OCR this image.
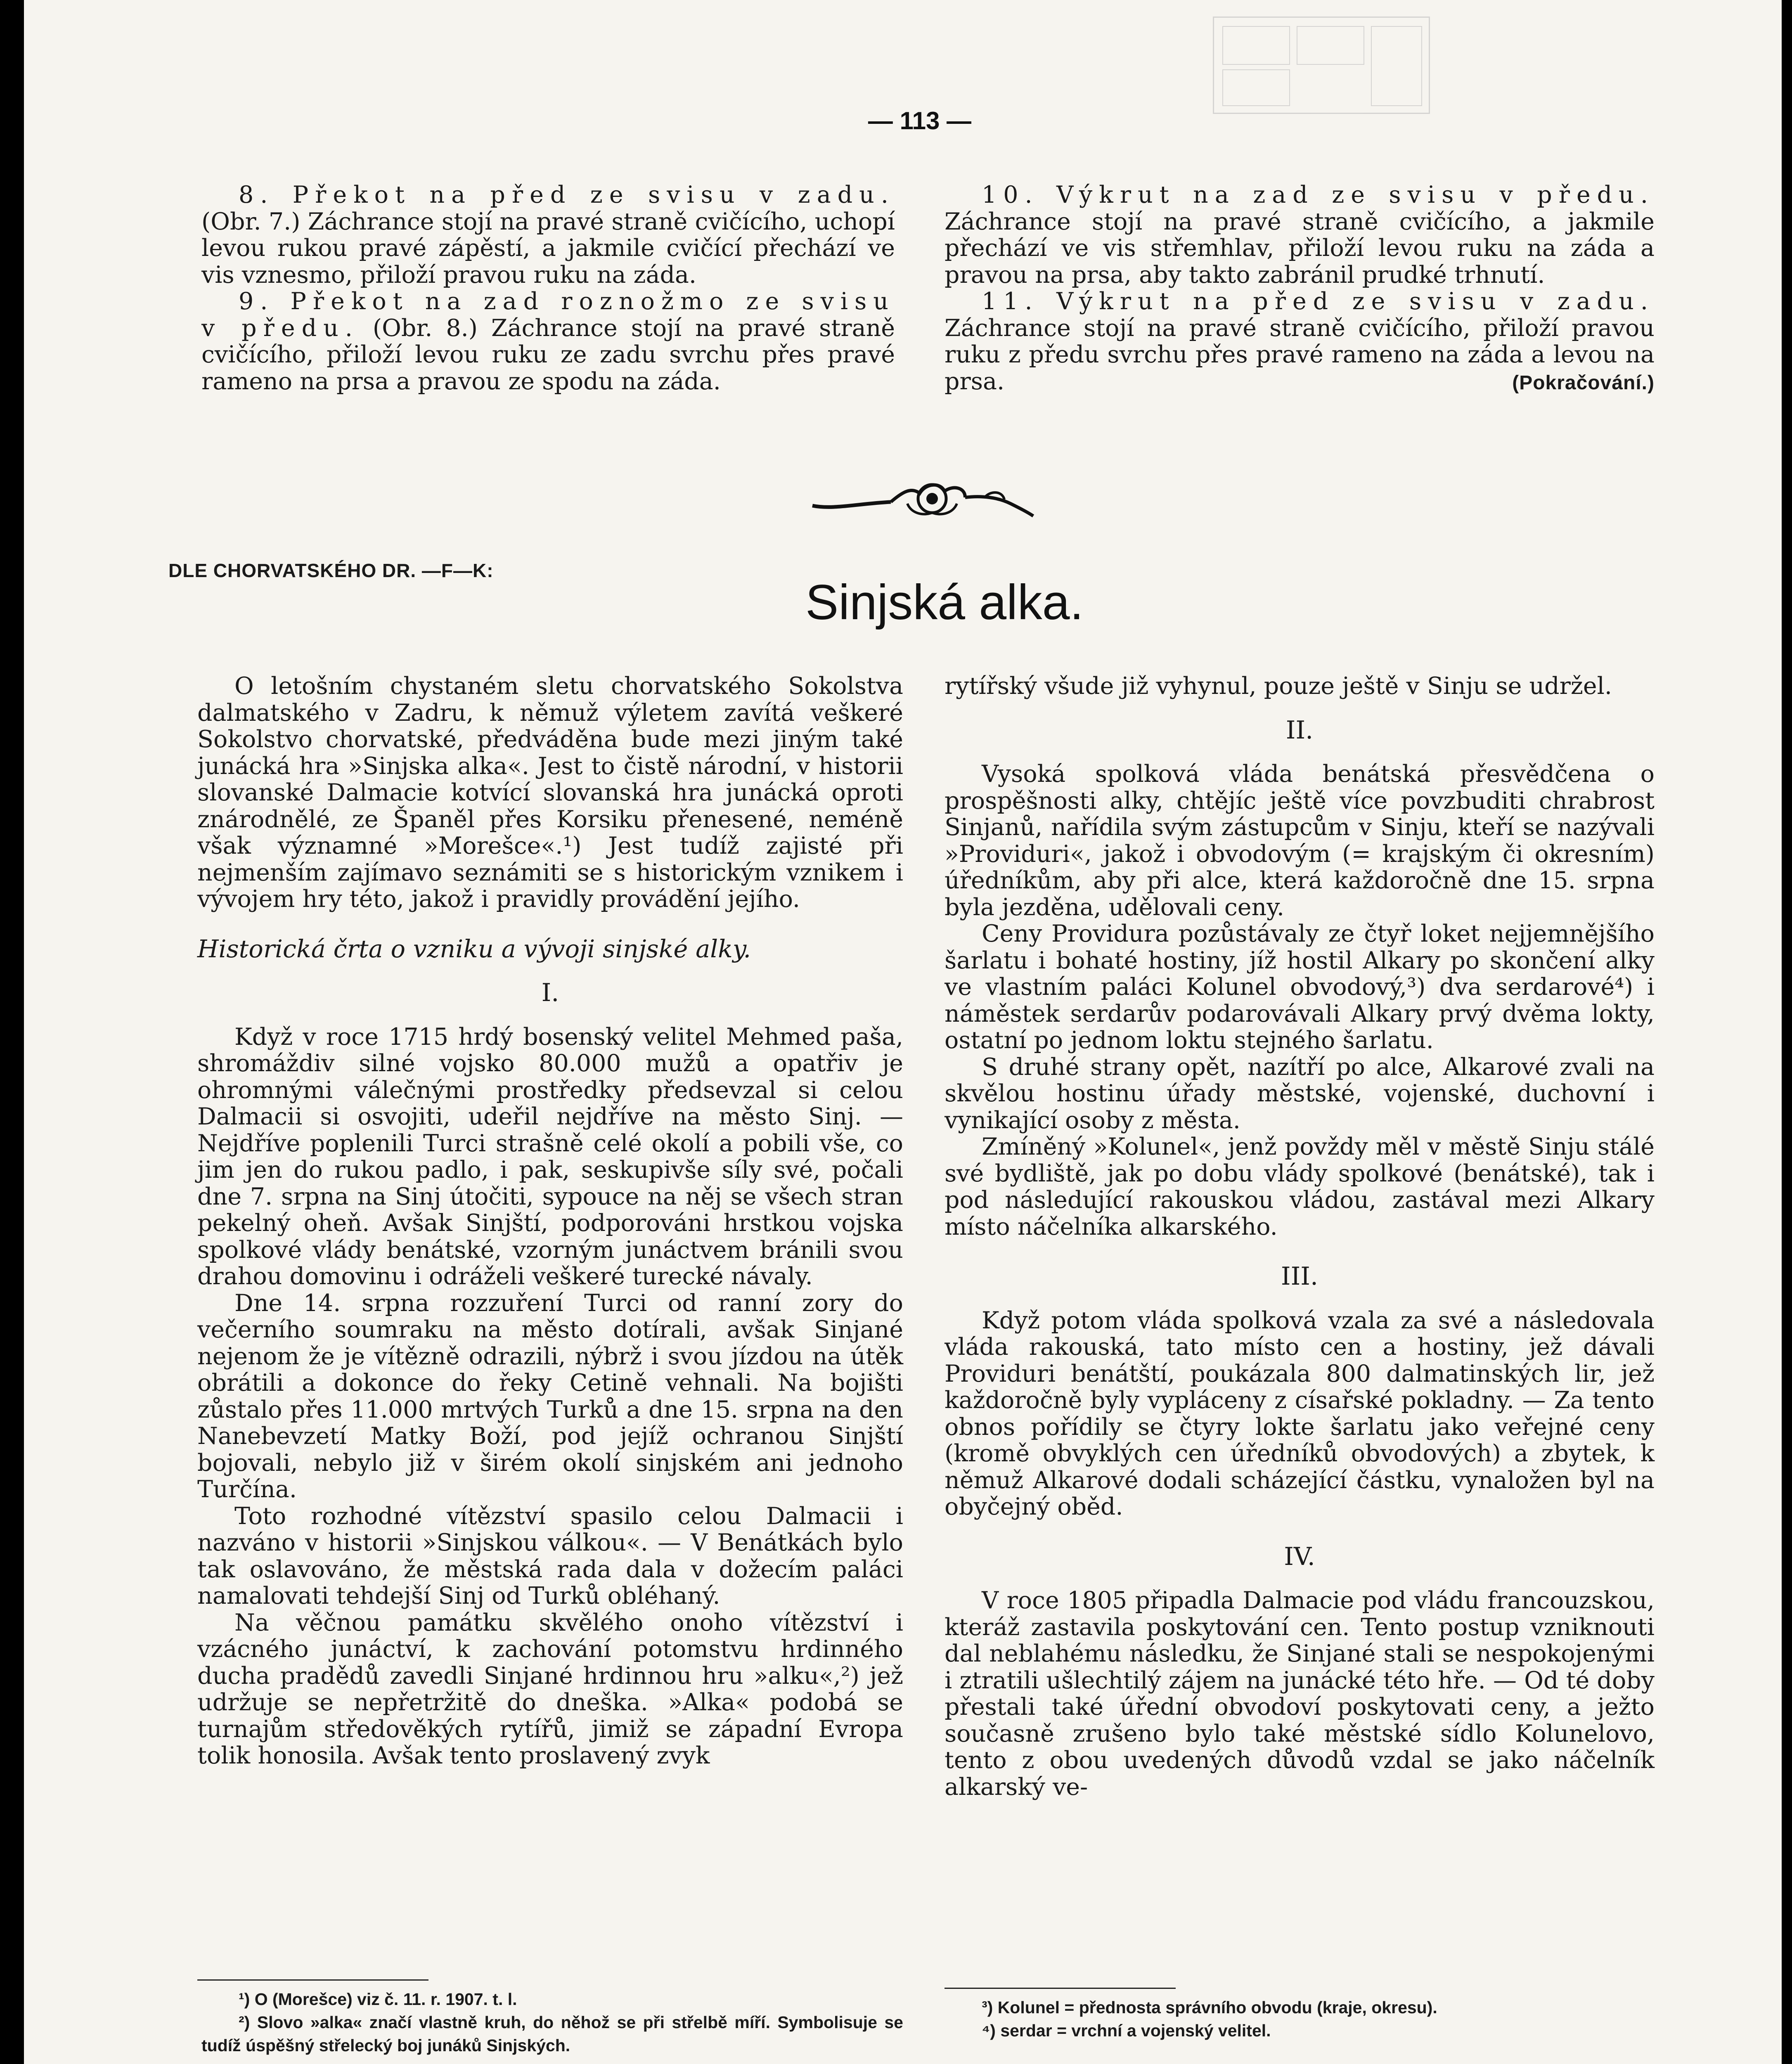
— 113 —

8. Překot na před ze svisu v zadu. (Obr. 7.) Záchrance stojí na pravé straně cvičícího, uchopí levou rukou pravé zápěstí, a jakmile cvičící přechází ve vis vznesmo, přiloží pravou ruku na záda.

9. Překot na zad roznožmo ze svisu v předu. (Obr. 8.) Záchrance stojí na pravé straně cvičícího, přiloží levou ruku ze zadu svrchu přes pravé rameno na prsa a pravou ze spodu na záda.

10. Výkrut na zad ze svisu v předu. Záchrance stojí na pravé straně cvičícího, a jakmile přechází ve vis střemhlav, přiloží levou ruku na záda a pravou na prsa, aby takto zabránil prudké trhnutí.

11. Výkrut na před ze svisu v zadu. Záchrance stojí na pravé straně cvičícího, přiloží pravou ruku z předu svrchu přes pravé rameno na záda a levou na prsa.	(Pokračování.)
DLE CHORVATSKÉHO DR. —F—K:
Sinjská alka.

O letošním chystaném sletu chorvatského Sokolstva dalmatského v Zadru, k němuž výletem zavítá veškeré Sokolstvo chorvatské, předváděna bude mezi jiným také junácká hra »Sinjska alka«. Jest to čistě národní, v historii slovanské Dalmacie kotvící slovanská hra junácká oproti znárodnělé, ze Španěl přes Korsiku přenesené, neméně však významné »Morešce«.¹) Jest tudíž zajisté při nejmenším zajímavo seznámiti se s historickým vznikem i vývojem hry této, jakož i pravidly provádění jejího.

Historická črta o vzniku a vývoji sinjské alky.

I.

Když v roce 1715 hrdý bosenský velitel Mehmed paša, shromáždiv silné vojsko 80.000 mužů a opatřiv je ohromnými válečnými prostředky předsevzal si celou Dalmacii si osvojiti, udeřil nejdříve na město Sinj. — Nejdříve poplenili Turci strašně celé okolí a pobili vše, co jim jen do rukou padlo, i pak, seskupivše síly své, počali dne 7. srpna na Sinj útočiti, sypouce na něj se všech stran pekelný oheň. Avšak Sinjští, podporováni hrstkou vojska spolkové vlády benátské, vzorným junáctvem bránili svou drahou domovinu i odráželi veškeré turecké návaly.

Dne 14. srpna rozzuření Turci od ranní zory do večerního soumraku na město dotírali, avšak Sinjané nejenom že je vítězně odrazili, nýbrž i svou jízdou na útěk obrátili a dokonce do řeky Cetině vehnali. Na bojišti zůstalo přes 11.000 mrtvých Turků a dne 15. srpna na den Nanebevzetí Matky Boží, pod jejíž ochranou Sinjští bojovali, nebylo již v širém okolí sinjském ani jednoho Turčína.

Toto rozhodné vítězství spasilo celou Dalmacii i nazváno v historii »Sinjskou válkou«. — V Benátkách bylo tak oslavováno, že městská rada dala v dožecím paláci namalovati tehdejší Sinj od Turků obléhaný.

Na věčnou památku skvělého onoho vítězství i vzácného junáctví, k zachování potomstvu hrdinného ducha pradědů zavedli Sinjané hrdinnou hru »alku«,²) jež udržuje se nepřetržitě do dneška. »Alka« podobá se turnajům středověkých rytířů, jimiž se západní Evropa tolik honosila. Avšak tento proslavený zvyk

¹) O (Morešce) viz č. 11. r. 1907. t. l.

²) Slovo »alka« značí vlastně kruh, do něhož se při střelbě míří. Symbolisuje se tudíž úspěšný střelecký boj junáků Sinjských.

rytířský všude již vyhynul, pouze ještě v Sinju se udržel.

II.

Vysoká spolková vláda benátská přesvědčena o prospěšnosti alky, chtějíc ještě více povzbuditi chrabrost Sinjanů, nařídila svým zástupcům v Sinju, kteří se nazývali »Providuri«, jakož i obvodovým (= krajským či okresním) úředníkům, aby při alce, která každoročně dne 15. srpna byla jezděna, udělovali ceny.

Ceny Providura pozůstávaly ze čtyř loket nejjemnějšího šarlatu i bohaté hostiny, jíž hostil Alkary po skončení alky ve vlastním paláci Kolunel obvodový,³) dva serdarové⁴) i náměstek serdarův podarovávali Alkary prvý dvěma lokty, ostatní po jednom loktu stejného šarlatu.

S druhé strany opět, nazítří po alce, Alkarové zvali na skvělou hostinu úřady městské, vojenské, duchovní i vynikající osoby z města.

Zmíněný »Kolunel«, jenž povždy měl v městě Sinju stálé své bydliště, jak po dobu vlády spolkové (benátské), tak i pod následující rakouskou vládou, zastával mezi Alkary místo náčelníka alkarského.

III.

Když potom vláda spolková vzala za své a následovala vláda rakouská, tato místo cen a hostiny, jež dávali Providuri benátští, poukázala 800 dalmatinských lir, jež každoročně byly vypláceny z císařské pokladny. — Za tento obnos pořídily se čtyry lokte šarlatu jako veřejné ceny (kromě obvyklých cen úředníků obvodových) a zbytek, k němuž Alkarové dodali scházející částku, vynaložen byl na obyčejný oběd.

IV.

V roce 1805 připadla Dalmacie pod vládu francouzskou, kteráž zastavila poskytování cen. Tento postup vzniknouti dal neblahému následku, že Sinjané stali se nespokojenými i ztratili ušlechtilý zájem na junácké této hře. — Od té doby přestali také úřední obvodoví poskytovati ceny, a ježto současně zrušeno bylo také městské sídlo Kolunelovo, tento z obou uvedených důvodů vzdal se jako náčelník alkarský ve-

³) Kolunel = přednosta správního obvodu (kraje, okresu).

⁴) serdar = vrchní a vojenský velitel.
